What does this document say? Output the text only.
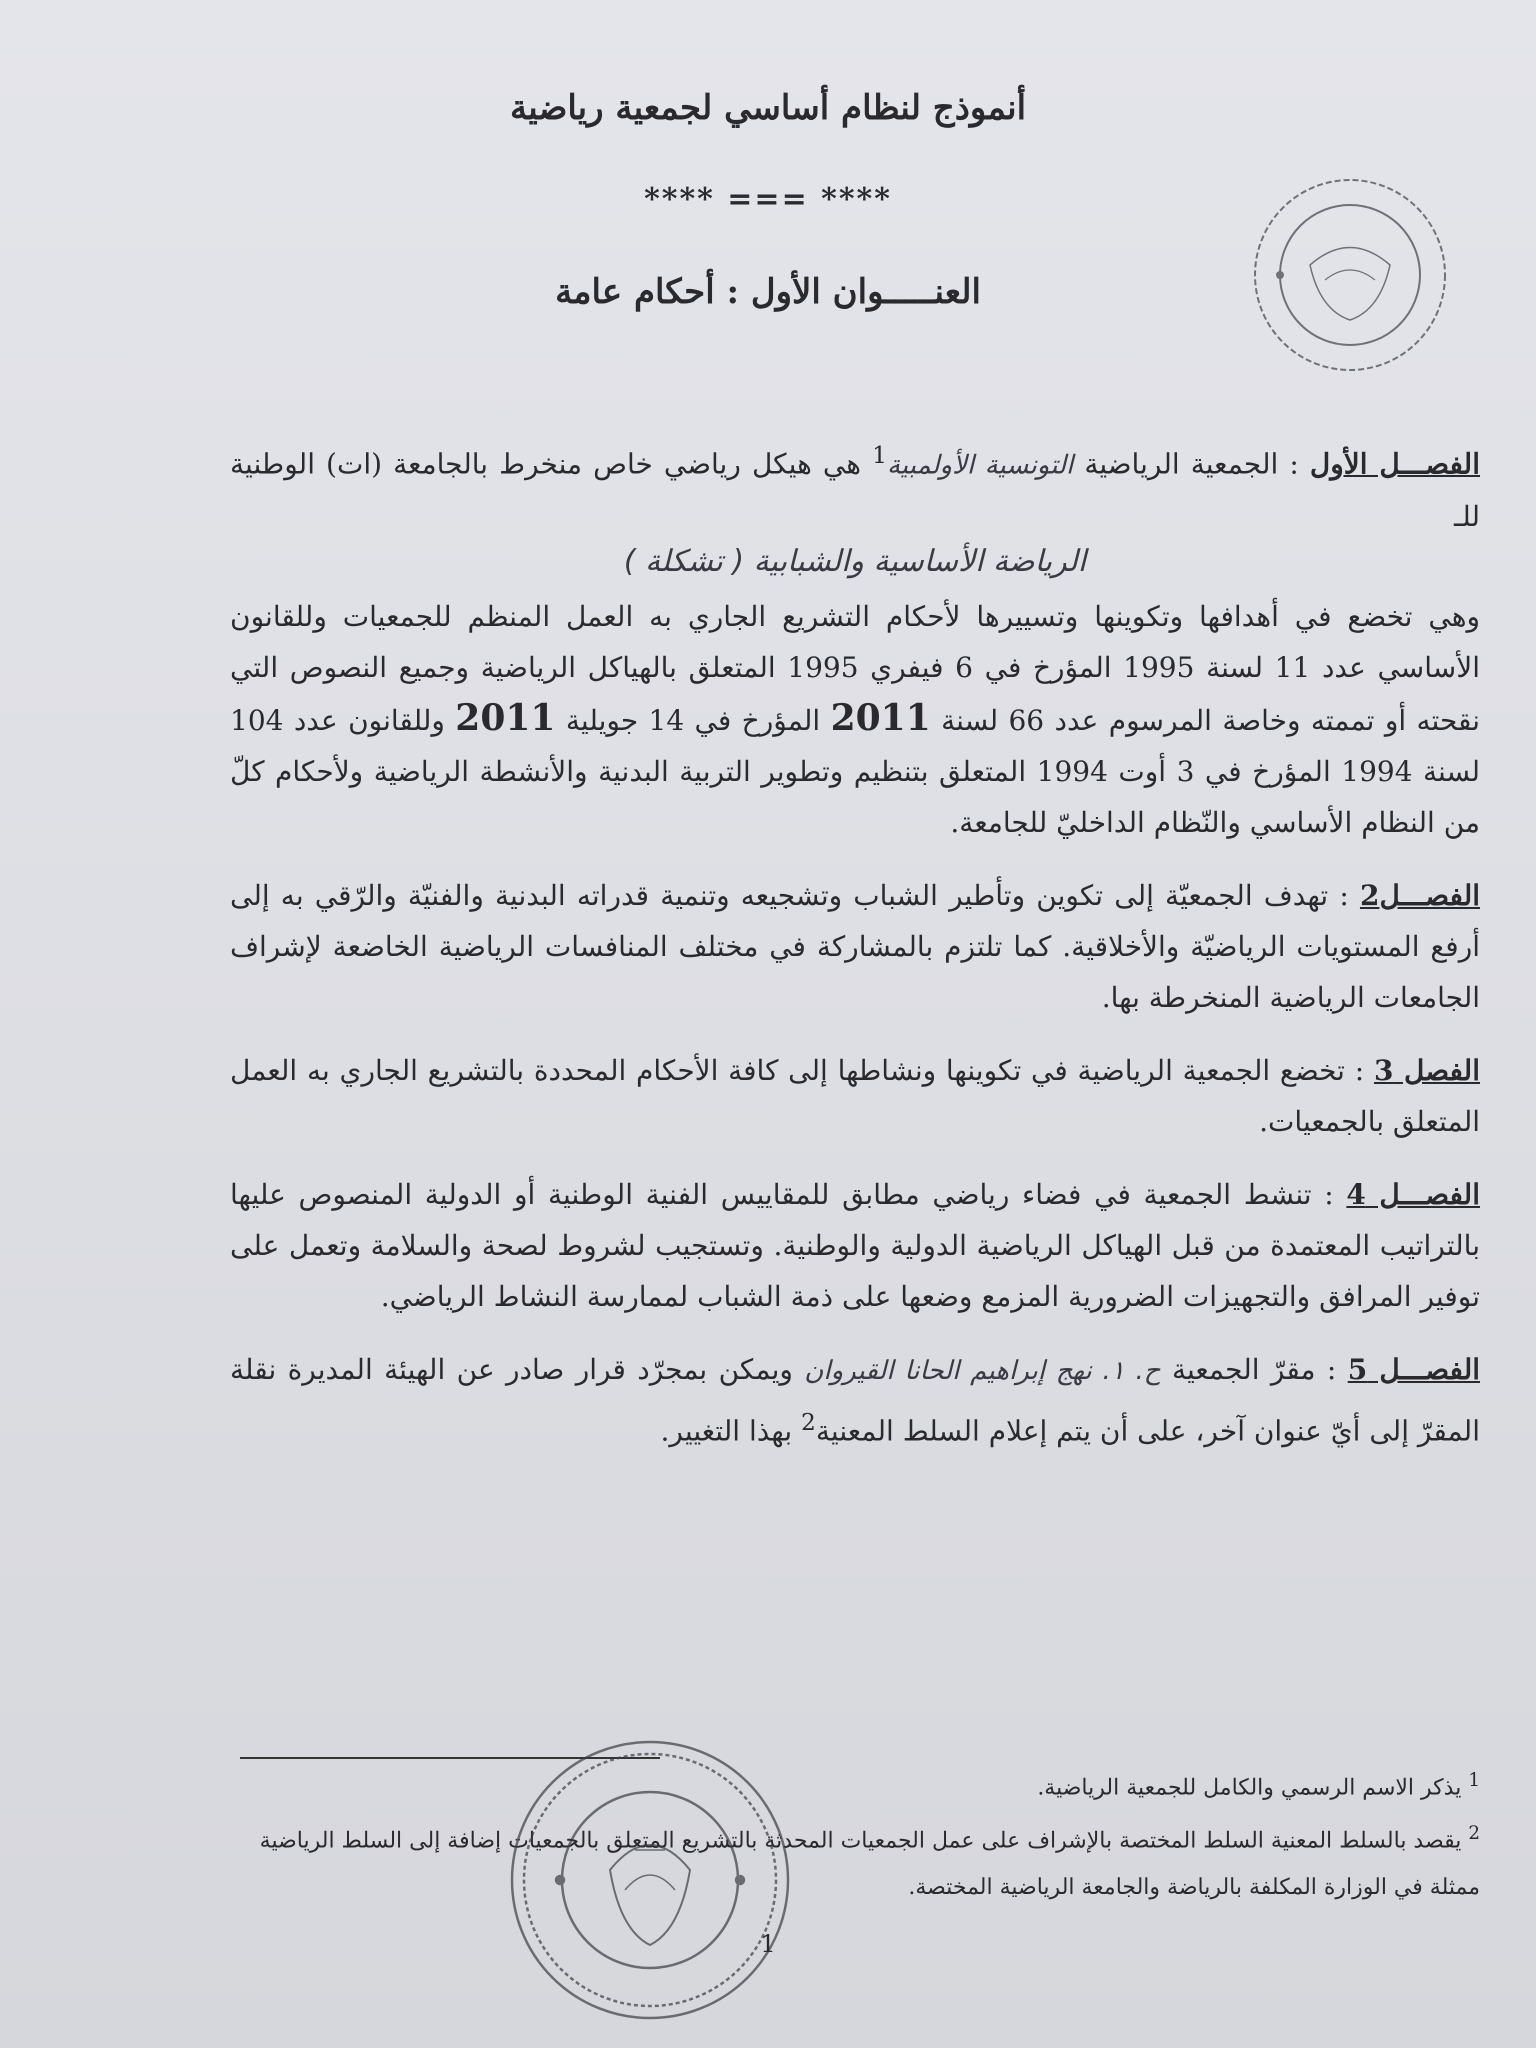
أنموذج لنظام أساسي لجمعية رياضية
**** === ****
العنـــــوان الأول : أحكام عامة

الفصـــل الأول : الجمعية الرياضية التونسية الأولمبية$^1$ هي هيكل رياضي خاص منخرط بالجامعة (ات) الوطنية للـ
الرياضة الأساسية والشبابية ( تشكلة )
وهي تخضع في أهدافها وتكوينها وتسييرها لأحكام التشريع الجاري به العمل المنظم للجمعيات وللقانون الأساسي عدد 11 لسنة 1995 المؤرخ في 6 فيفري 1995 المتعلق بالهياكل الرياضية وجميع النصوص التي نقحته أو تممته وخاصة المرسوم عدد 66 لسنة 2011 المؤرخ في 14 جويلية 2011 وللقانون عدد 104 لسنة 1994 المؤرخ في 3 أوت 1994 المتعلق بتنظيم وتطوير التربية البدنية والأنشطة الرياضية ولأحكام كلّ من النظام الأساسي والنّظام الداخليّ للجامعة.

الفصـــل2 : تهدف الجمعيّة إلى تكوين وتأطير الشباب وتشجيعه وتنمية قدراته البدنية والفنيّة والرّقي به إلى أرفع المستويات الرياضيّة والأخلاقية. كما تلتزم بالمشاركة في مختلف المنافسات الرياضية الخاضعة لإشراف الجامعات الرياضية المنخرطة بها.

الفصل 3 : تخضع الجمعية الرياضية في تكوينها ونشاطها إلى كافة الأحكام المحددة بالتشريع الجاري به العمل المتعلق بالجمعيات.

الفصـــل 4 : تنشط الجمعية في فضاء رياضي مطابق للمقاييس الفنية الوطنية أو الدولية المنصوص عليها بالتراتيب المعتمدة من قبل الهياكل الرياضية الدولية والوطنية. وتستجيب لشروط لصحة والسلامة وتعمل على توفير المرافق والتجهيزات الضرورية المزمع وضعها على ذمة الشباب لممارسة النشاط الرياضي.

الفصـــل 5 : مقرّ الجمعية ح. ١. نهج إبراهيم الحانا القيروان ويمكن بمجرّد قرار صادر عن الهيئة المديرة نقلة المقرّ إلى أيّ عنوان آخر، على أن يتم إعلام السلط المعنية$^2$ بهذا التغيير.

$^1$ يذكر الاسم الرسمي والكامل للجمعية الرياضية.
$^2$ يقصد بالسلط المعنية السلط المختصة بالإشراف على عمل الجمعيات المحدثة بالتشريع المتعلق بالجمعيات إضافة إلى السلط الرياضية ممثلة في الوزارة المكلفة بالرياضة والجامعة الرياضية المختصة.
1
